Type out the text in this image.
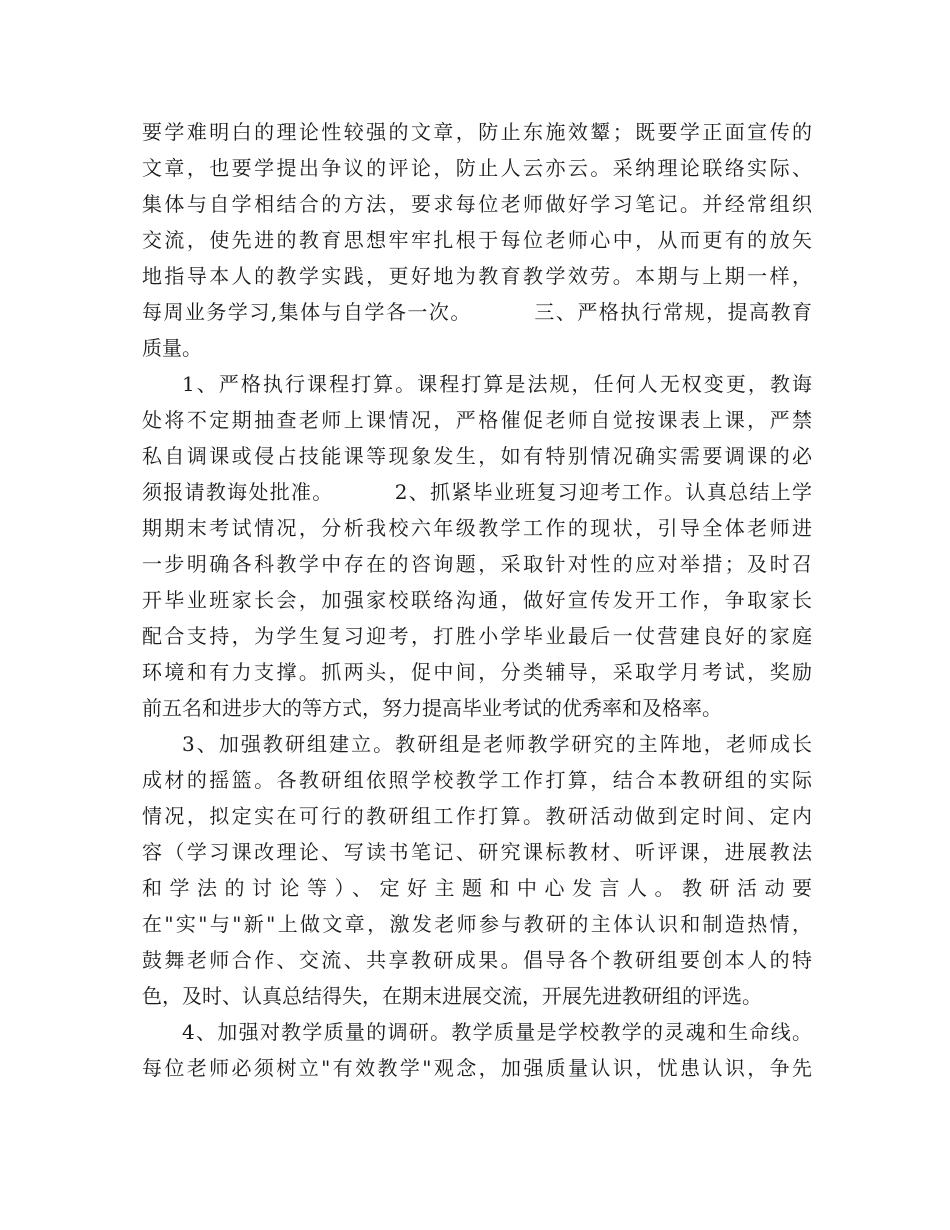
要学难明白的理论性较强的文章，防止东施效颦；既要学正面宣传的
文章，也要学提出争议的评论，防止人云亦云。采纳理论联络实际、
集体与自学相结合的方法，要求每位老师做好学习笔记。并经常组织
交流，使先进的教育思想牢牢扎根于每位老师心中，从而更有的放矢
地指导本人的教学实践，更好地为教育教学效劳。本期与上期一样，
每周业务学习,集体与自学各一次。        三、严格执行常规，提高教育
质量。
1、严格执行课程打算。课程打算是法规，任何人无权变更，教诲
处将不定期抽查老师上课情况，严格催促老师自觉按课表上课，严禁
私自调课或侵占技能课等现象发生，如有特别情况确实需要调课的必
须报请教诲处批准。        2、抓紧毕业班复习迎考工作。认真总结上学
期期末考试情况，分析我校六年级教学工作的现状，引导全体老师进
一步明确各科教学中存在的咨询题，采取针对性的应对举措；及时召
开毕业班家长会，加强家校联络沟通，做好宣传发开工作，争取家长
配合支持，为学生复习迎考，打胜小学毕业最后一仗营建良好的家庭
环境和有力支撑。抓两头，促中间，分类辅导，采取学月考试，奖励
前五名和进步大的等方式，努力提高毕业考试的优秀率和及格率。
3、加强教研组建立。教研组是老师教学研究的主阵地，老师成长
成材的摇篮。各教研组依照学校教学工作打算，结合本教研组的实际
情况，拟定实在可行的教研组工作打算。教研活动做到定时间、定内
容（学习课改理论、写读书笔记、研究课标教材、听评课，进展教法
和学法的讨论等）、定好主题和中心发言人。教研活动要
在"实"与"新"上做文章，激发老师参与教研的主体认识和制造热情，
鼓舞老师合作、交流、共享教研成果。倡导各个教研组要创本人的特
色，及时、认真总结得失，在期末进展交流，开展先进教研组的评选。
4、加强对教学质量的调研。教学质量是学校教学的灵魂和生命线。
每位老师必须树立"有效教学"观念，加强质量认识，忧患认识，争先
